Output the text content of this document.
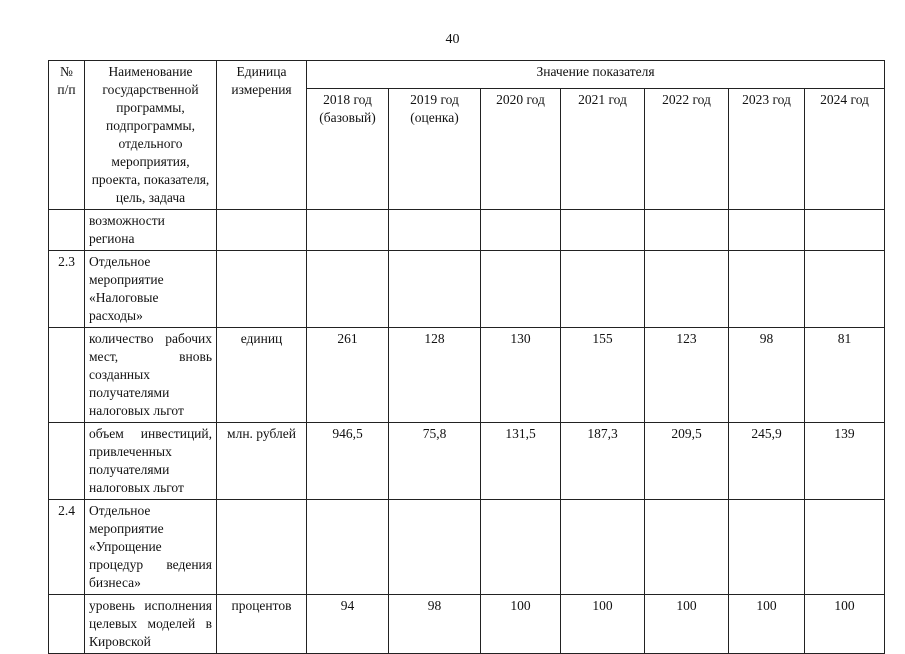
40
№ п/п	Наименование государственной программы, подпрограммы, отдельного мероприятия, проекта, показателя, цель, задача	Единица измерения	Значение показателя						
			2018 год (базовый)	2019 год (оценка)	2020 год	2021 год	2022 год	2023 год	2024 год
	возможности региона								
2.3	Отдельное мероприятие «Налоговые расходы»								
	количество рабочих мест, вновь созданных получателями налоговых льгот	единиц	261	128	130	155	123	98	81
	объем инвестиций, привлеченных получателями налоговых льгот	млн. рублей	946,5	75,8	131,5	187,3	209,5	245,9	139
2.4	Отдельное мероприятие «Упрощение процедур ведения бизнеса»								
	уровень исполнения целевых моделей в Кировской	процентов	94	98	100	100	100	100	100
